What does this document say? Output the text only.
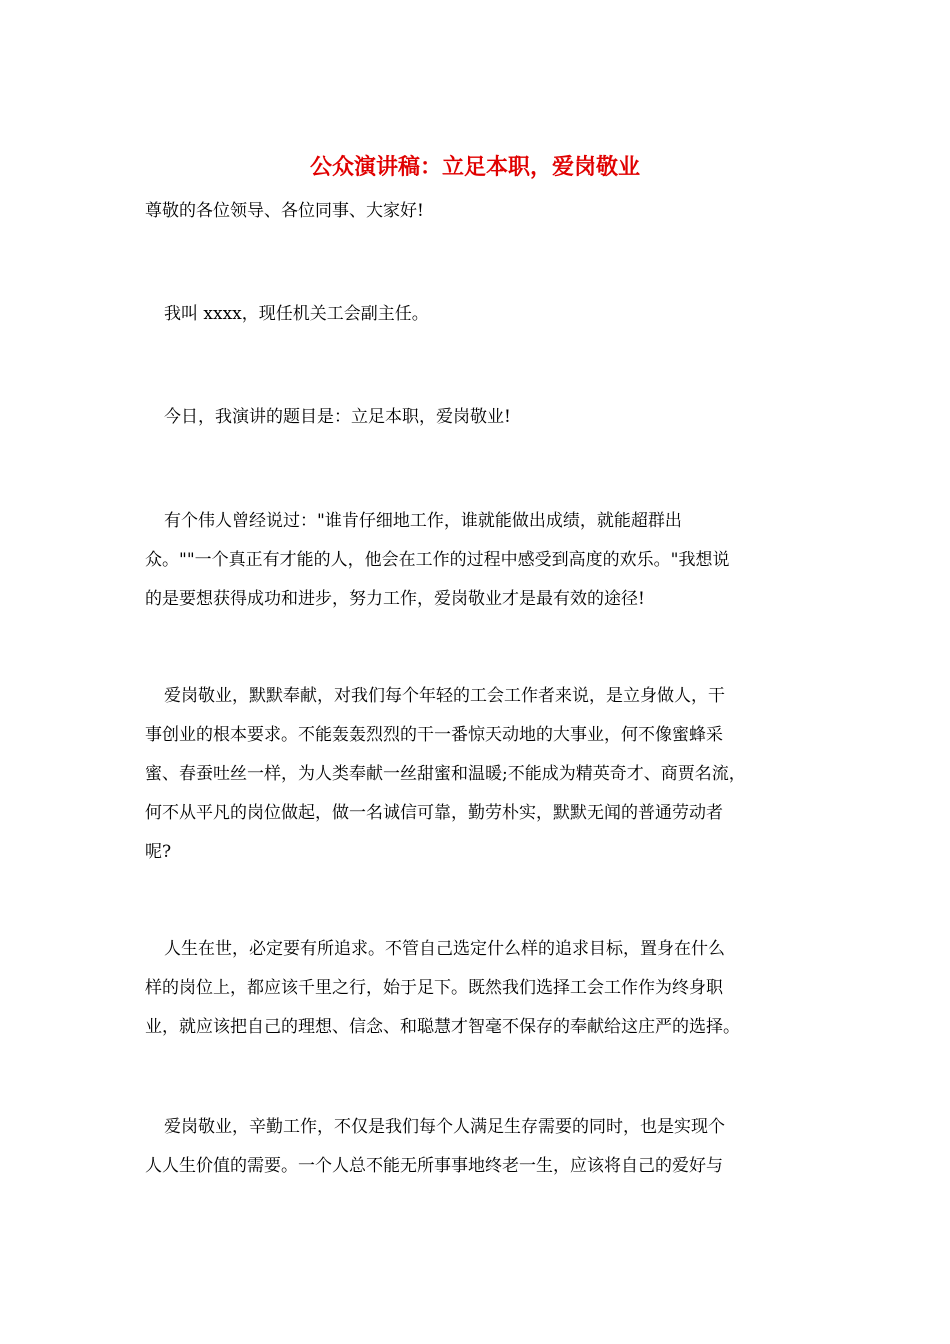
公众演讲稿：立足本职，爱岗敬业

尊敬的各位领导、各位同事、大家好!

我叫 xxxx，现任机关工会副主任。

今日，我演讲的题目是：立足本职，爱岗敬业!

有个伟人曾经说过："谁肯仔细地工作，谁就能做出成绩，就能超群出
众。""一个真正有才能的人，他会在工作的过程中感受到高度的欢乐。"我想说
的是要想获得成功和进步，努力工作，爱岗敬业才是最有效的途径!

爱岗敬业，默默奉献，对我们每个年轻的工会工作者来说，是立身做人，干
事创业的根本要求。不能轰轰烈烈的干一番惊天动地的大事业，何不像蜜蜂采
蜜、春蚕吐丝一样，为人类奉献一丝甜蜜和温暖;不能成为精英奇才、商贾名流，
何不从平凡的岗位做起，做一名诚信可靠，勤劳朴实，默默无闻的普通劳动者
呢?

人生在世，必定要有所追求。不管自己选定什么样的追求目标，置身在什么
样的岗位上，都应该千里之行，始于足下。既然我们选择工会工作作为终身职
业，就应该把自己的理想、信念、和聪慧才智毫不保存的奉献给这庄严的选择。

爱岗敬业，辛勤工作，不仅是我们每个人满足生存需要的同时，也是实现个
人人生价值的需要。一个人总不能无所事事地终老一生，应该将自己的爱好与
